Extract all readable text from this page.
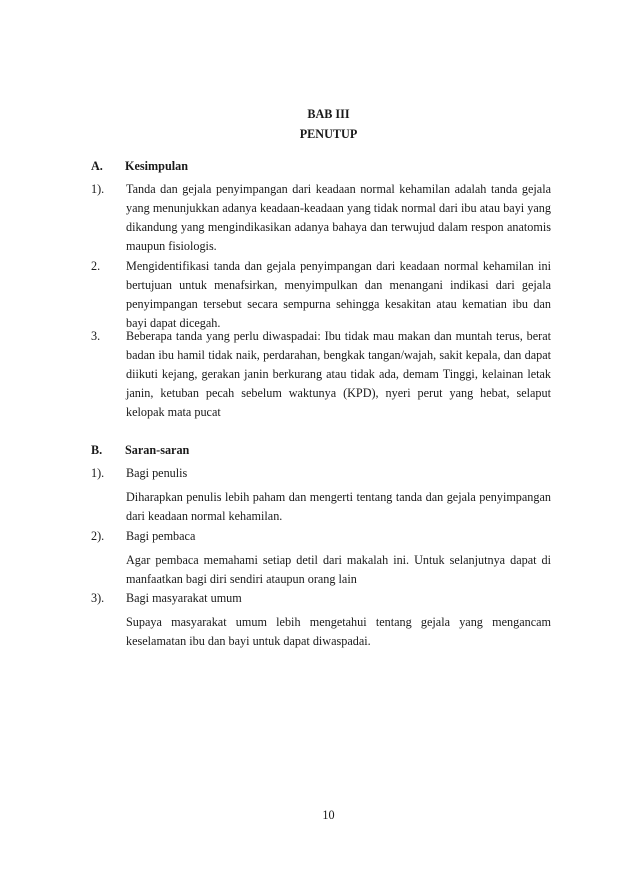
BAB III
PENUTUP
A. Kesimpulan
1). Tanda dan gejala penyimpangan dari keadaan normal kehamilan adalah tanda gejala yang menunjukkan adanya keadaan-keadaan yang tidak normal dari ibu atau bayi yang dikandung yang mengindikasikan adanya bahaya dan terwujud dalam respon anatomis maupun fisiologis.
2. Mengidentifikasi tanda dan gejala penyimpangan dari keadaan normal kehamilan ini bertujuan untuk menafsirkan, menyimpulkan dan menangani indikasi dari gejala penyimpangan tersebut secara sempurna sehingga kesakitan atau kematian ibu dan bayi dapat dicegah.
3. Beberapa tanda yang perlu diwaspadai: Ibu tidak mau makan dan muntah terus, berat badan ibu hamil tidak naik, perdarahan, bengkak tangan/wajah, sakit kepala, dan dapat diikuti kejang, gerakan janin berkurang atau tidak ada, demam Tinggi, kelainan letak janin, ketuban pecah sebelum waktunya (KPD), nyeri perut yang hebat, selaput kelopak mata pucat
B. Saran-saran
1). Bagi penulis
Diharapkan penulis lebih paham dan mengerti tentang tanda dan gejala penyimpangan dari keadaan normal kehamilan.
2). Bagi pembaca
Agar pembaca memahami setiap detil dari makalah ini. Untuk selanjutnya dapat di manfaatkan bagi diri sendiri ataupun orang lain
3). Bagi masyarakat umum
Supaya masyarakat umum lebih mengetahui tentang gejala yang mengancam keselamatan ibu dan bayi untuk dapat diwaspadai.
10
